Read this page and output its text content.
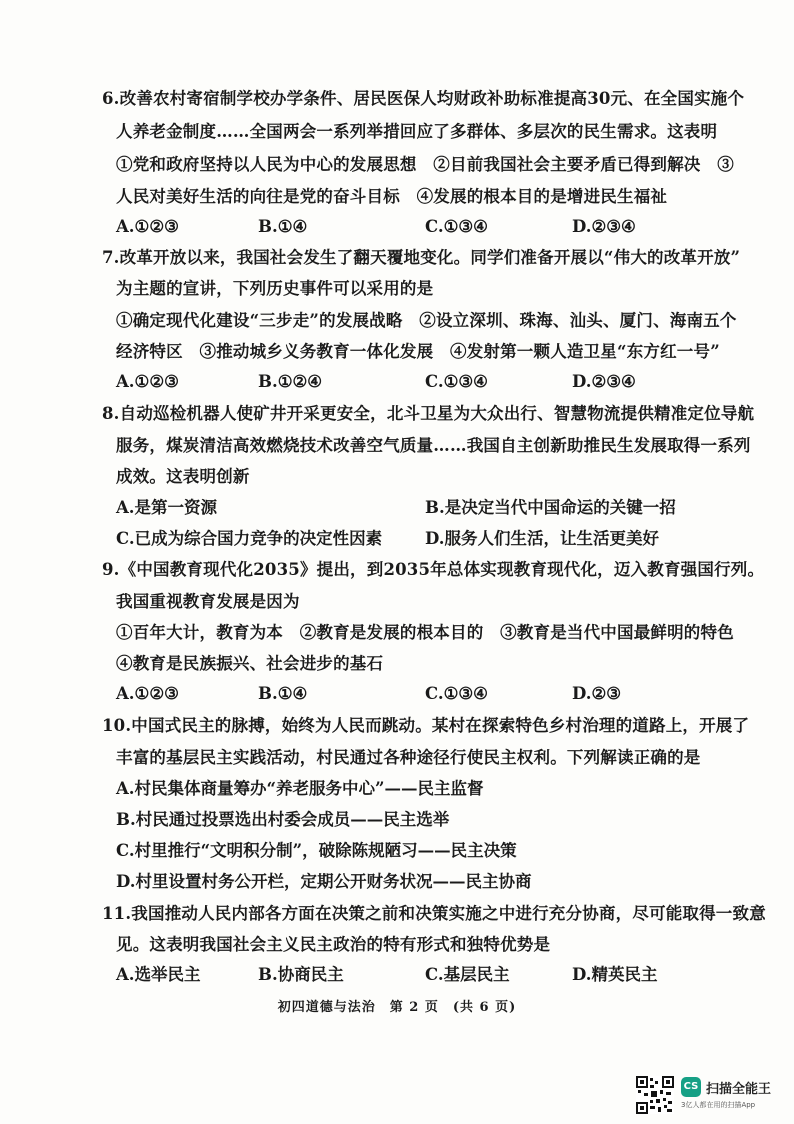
6.改善农村寄宿制学校办学条件、居民医保人均财政补助标准提高30元、在全国实施个
人养老金制度……全国两会一系列举措回应了多群体、多层次的民生需求。这表明
①党和政府坚持以人民为中心的发展思想　②目前我国社会主要矛盾已得到解决　③
人民对美好生活的向往是党的奋斗目标　④发展的根本目的是增进民生福祉
A.①②③	B.①④	C.①③④	D.②③④
7.改革开放以来，我国社会发生了翻天覆地变化。同学们准备开展以“伟大的改革开放”
为主题的宣讲，下列历史事件可以采用的是
①确定现代化建设“三步走”的发展战略　②设立深圳、珠海、汕头、厦门、海南五个
经济特区　③推动城乡义务教育一体化发展　④发射第一颗人造卫星“东方红一号”
A.①②③	B.①②④	C.①③④	D.②③④
8.自动巡检机器人使矿井开采更安全，北斗卫星为大众出行、智慧物流提供精准定位导航
服务，煤炭清洁高效燃烧技术改善空气质量……我国自主创新助推民生发展取得一系列
成效。这表明创新
A.是第一资源	B.是决定当代中国命运的关键一招
C.已成为综合国力竞争的决定性因素	D.服务人们生活，让生活更美好
9.《中国教育现代化2035》提出，到2035年总体实现教育现代化，迈入教育强国行列。
我国重视教育发展是因为
①百年大计，教育为本　②教育是发展的根本目的　③教育是当代中国最鲜明的特色
④教育是民族振兴、社会进步的基石
A.①②③	B.①④	C.①③④	D.②③
10.中国式民主的脉搏，始终为人民而跳动。某村在探索特色乡村治理的道路上，开展了
丰富的基层民主实践活动，村民通过各种途径行使民主权利。下列解读正确的是
A.村民集体商量筹办“养老服务中心”——民主监督
B.村民通过投票选出村委会成员——民主选举
C.村里推行“文明积分制”，破除陈规陋习——民主决策
D.村里设置村务公开栏，定期公开财务状况——民主协商
11.我国推动人民内部各方面在决策之前和决策实施之中进行充分协商，尽可能取得一致意
见。这表明我国社会主义民主政治的特有形式和独特优势是
A.选举民主	B.协商民主	C.基层民主	D.精英民主
初四道德与法治　第 2 页　(共 6 页)
CS 扫描全能王
3亿人都在用的扫描App
